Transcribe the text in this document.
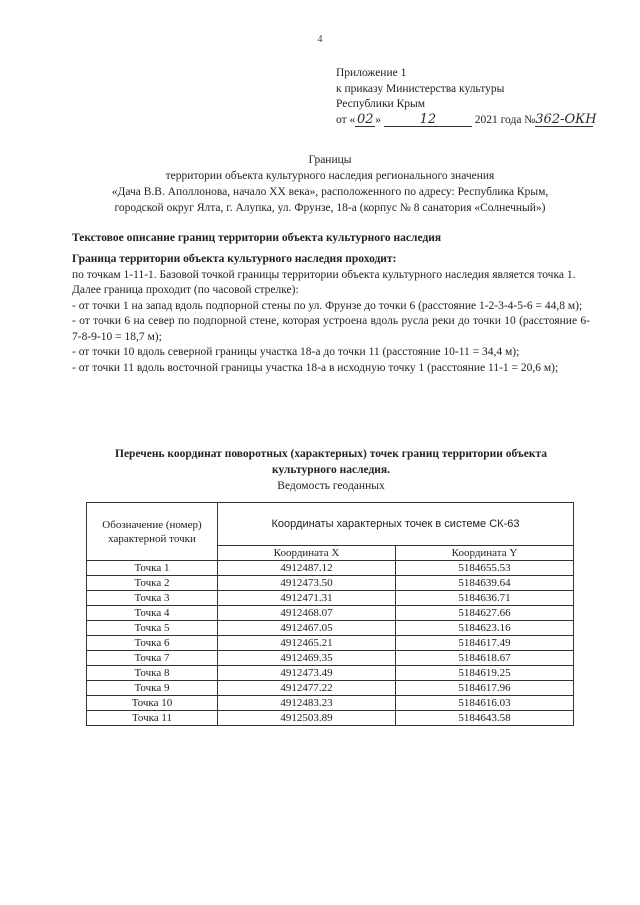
4
Приложение 1
к приказу Министерства культуры
Республики Крым
от « 02 »	12	2021 года №362-ОКН
Границы
территории объекта культурного наследия регионального значения
«Дача В.В. Аполлонова, начало XX века», расположенного по адресу: Республика Крым,
городской округ Ялта, г. Алупка, ул. Фрунзе, 18-а (корпус № 8 санатория «Солнечный»)
Текстовое описание границ территории объекта культурного наследия

Граница территории объекта культурного наследия проходит:

по точкам 1-11-1. Базовой точкой границы территории объекта культурного наследия является точка 1.

Далее граница проходит (по часовой стрелке):

- от точки 1 на запад вдоль подпорной стены по ул. Фрунзе до точки 6 (расстояние 1-2-3-4-5-6 = 44,8 м);

- от точки 6 на север по подпорной стене, которая устроена вдоль русла реки до точки 10 (расстояние 6-7-8-9-10 = 18,7 м);

- от точки 10 вдоль северной границы участка 18-а до точки 11 (расстояние 10-11 = 34,4 м);

- от точки 11 вдоль восточной границы участка 18-а в исходную точку 1 (расстояние 11-1 = 20,6 м);

Перечень координат поворотных (характерных) точек границ территории объекта
культурного наследия.
Ведомость геоданных
Обозначение (номер) характерной точки	Координаты характерных точек в системе СК-63	
	Координата X	Координата Y
Точка 1	4912487.12	5184655.53
Точка 2	4912473.50	5184639.64
Точка 3	4912471.31	5184636.71
Точка 4	4912468.07	5184627.66
Точка 5	4912467.05	5184623.16
Точка 6	4912465.21	5184617.49
Точка 7	4912469.35	5184618.67
Точка 8	4912473.49	5184619.25
Точка 9	4912477.22	5184617.96
Точка 10	4912483.23	5184616.03
Точка 11	4912503.89	5184643.58
